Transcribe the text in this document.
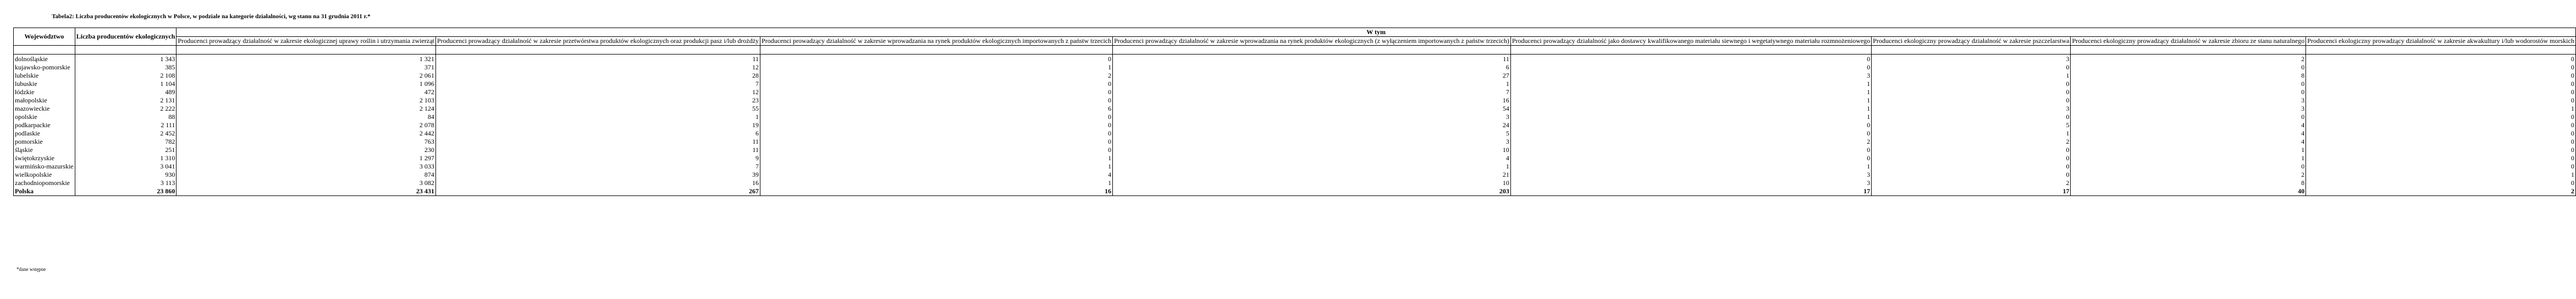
Tabela2: Liczba producentów ekologicznych w Polsce, w podziale na kategorie działalności, wg stanu na 31 grudnia 2011 r.*
Województwo	Liczba producentów ekologicznych	W tym							
		Producenci prowadzący działalność w zakresie ekologicznej uprawy roślin i utrzymania zwierząt	Producenci prowadzący działalność w zakresie przetwórstwa produktów ekologicznych oraz produkcji pasz i/lub drożdży	Producenci prowadzący działalność w zakresie wprowadzania na rynek produktów ekologicznych importowanych z państw trzecich	Producenci prowadzący działalność w zakresie wprowadzania na rynek produktów ekologicznych (z wyłączeniem importowanych z państw trzecich)	Producenci prowadzący działalność jako dostawcy kwalifikowanego materiału siewnego i wegetatywnego materiału rozmnożeniowego	Producenci ekologiczny prowadzący działalność w zakresie pszczelarstwa	Producenci ekologiczny prowadzący działalność w zakresie zbioru ze stanu naturalnego	Producenci ekologiczny prowadzący działalność w zakresie akwakultury i/lub wodorostów morskich

dolnośląskie	1 343	1 321	11	0	11	0	3	2	0
kujawsko-pomorskie	385	371	12	1	6	0	0	0	0
lubelskie	2 108	2 061	28	2	27	3	1	8	0
lubuskie	1 104	1 096	7	0	1	1	0	0	0
łódzkie	489	472	12	0	7	1	0	0	0
małopolskie	2 131	2 103	23	0	16	1	0	3	0
mazowieckie	2 222	2 124	55	6	54	1	3	3	1
opolskie	88	84	1	0	3	1	0	0	0
podkarpackie	2 111	2 078	19	0	24	0	5	4	0
podlaskie	2 452	2 442	6	0	5	0	1	4	0
pomorskie	782	763	11	0	3	2	2	4	0
śląskie	251	230	11	0	10	0	0	1	0
świętokrzyskie	1 310	1 297	9	1	4	0	0	1	0
warmińsko-mazurskie	3 041	3 033	7	1	1	1	0	0	0
wielkopolskie	930	874	39	4	21	3	0	2	1
zachodniopomorskie	3 113	3 082	16	1	10	3	2	8	0
Polska	23 860	23 431	267	16	203	17	17	40	2
*dane wstępne
